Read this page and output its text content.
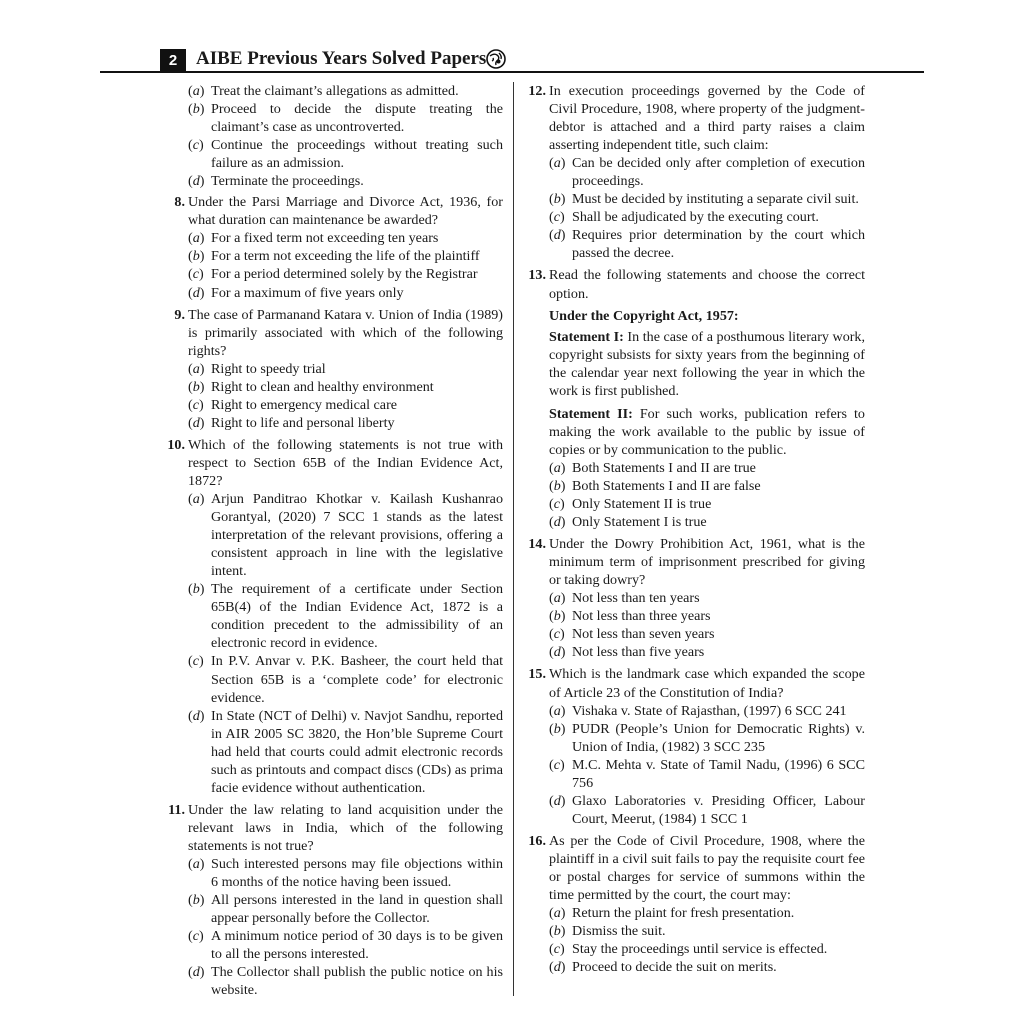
2 AIBE Previous Years Solved Papers
(a) Treat the claimant’s allegations as admitted.
(b) Proceed to decide the dispute treating the claimant’s case as uncontroverted.
(c) Continue the proceedings without treating such failure as an admission.
(d) Terminate the proceedings.
8. Under the Parsi Marriage and Divorce Act, 1936, for what duration can maintenance be awarded?

(a) For a fixed term not exceeding ten years
(b) For a term not exceeding the life of the plaintiff
(c) For a period determined solely by the Registrar
(d) For a maximum of five years only
9. The case of Parmanand Katara v. Union of India (1989) is primarily associated with which of the following rights?

(a) Right to speedy trial
(b) Right to clean and healthy environment
(c) Right to emergency medical care
(d) Right to life and personal liberty
10. Which of the following statements is not true with respect to Section 65B of the Indian Evidence Act, 1872?

(a) Arjun Panditrao Khotkar v. Kailash Kushanrao Gorantyal, (2020) 7 SCC 1 stands as the latest interpretation of the relevant provisions, offering a consistent approach in line with the legislative intent.
(b) The requirement of a certificate under Section 65B(4) of the Indian Evidence Act, 1872 is a condition precedent to the admissibility of an electronic record in evidence.
(c) In P.V. Anvar v. P.K. Basheer, the court held that Section 65B is a ‘complete code’ for electronic evidence.
(d) In State (NCT of Delhi) v. Navjot Sandhu, reported in AIR 2005 SC 3820, the Hon’ble Supreme Court had held that courts could admit electronic records such as printouts and compact discs (CDs) as prima facie evidence without authentication.
11. Under the law relating to land acquisition under the relevant laws in India, which of the following statements is not true?

(a) Such interested persons may file objections within 6 months of the notice having been issued.
(b) All persons interested in the land in question shall appear personally before the Collector.
(c) A minimum notice period of 30 days is to be given to all the persons interested.
(d) The Collector shall publish the public notice on his website.
12. In execution proceedings governed by the Code of Civil Procedure, 1908, where property of the judgment-debtor is attached and a third party raises a claim asserting independent title, such claim:

(a) Can be decided only after completion of execution proceedings.
(b) Must be decided by instituting a separate civil suit.
(c) Shall be adjudicated by the executing court.
(d) Requires prior determination by the court which passed the decree.
13. Read the following statements and choose the correct option.

Under the Copyright Act, 1957:

Statement I: In the case of a posthumous literary work, copyright subsists for sixty years from the beginning of the calendar year next following the year in which the work is first published.

Statement II: For such works, publication refers to making the work available to the public by issue of copies or by communication to the public.

(a) Both Statements I and II are true
(b) Both Statements I and II are false
(c) Only Statement II is true
(d) Only Statement I is true
14. Under the Dowry Prohibition Act, 1961, what is the minimum term of imprisonment prescribed for giving or taking dowry?

(a) Not less than ten years
(b) Not less than three years
(c) Not less than seven years
(d) Not less than five years
15. Which is the landmark case which expanded the scope of Article 23 of the Constitution of India?

(a) Vishaka v. State of Rajasthan, (1997) 6 SCC 241
(b) PUDR (People’s Union for Democratic Rights) v. Union of India, (1982) 3 SCC 235
(c) M.C. Mehta v. State of Tamil Nadu, (1996) 6 SCC 756
(d) Glaxo Laboratories v. Presiding Officer, Labour Court, Meerut, (1984) 1 SCC 1
16. As per the Code of Civil Procedure, 1908, where the plaintiff in a civil suit fails to pay the requisite court fee or postal charges for service of summons within the time permitted by the court, the court may:

(a) Return the plaint for fresh presentation.
(b) Dismiss the suit.
(c) Stay the proceedings until service is effected.
(d) Proceed to decide the suit on merits.
